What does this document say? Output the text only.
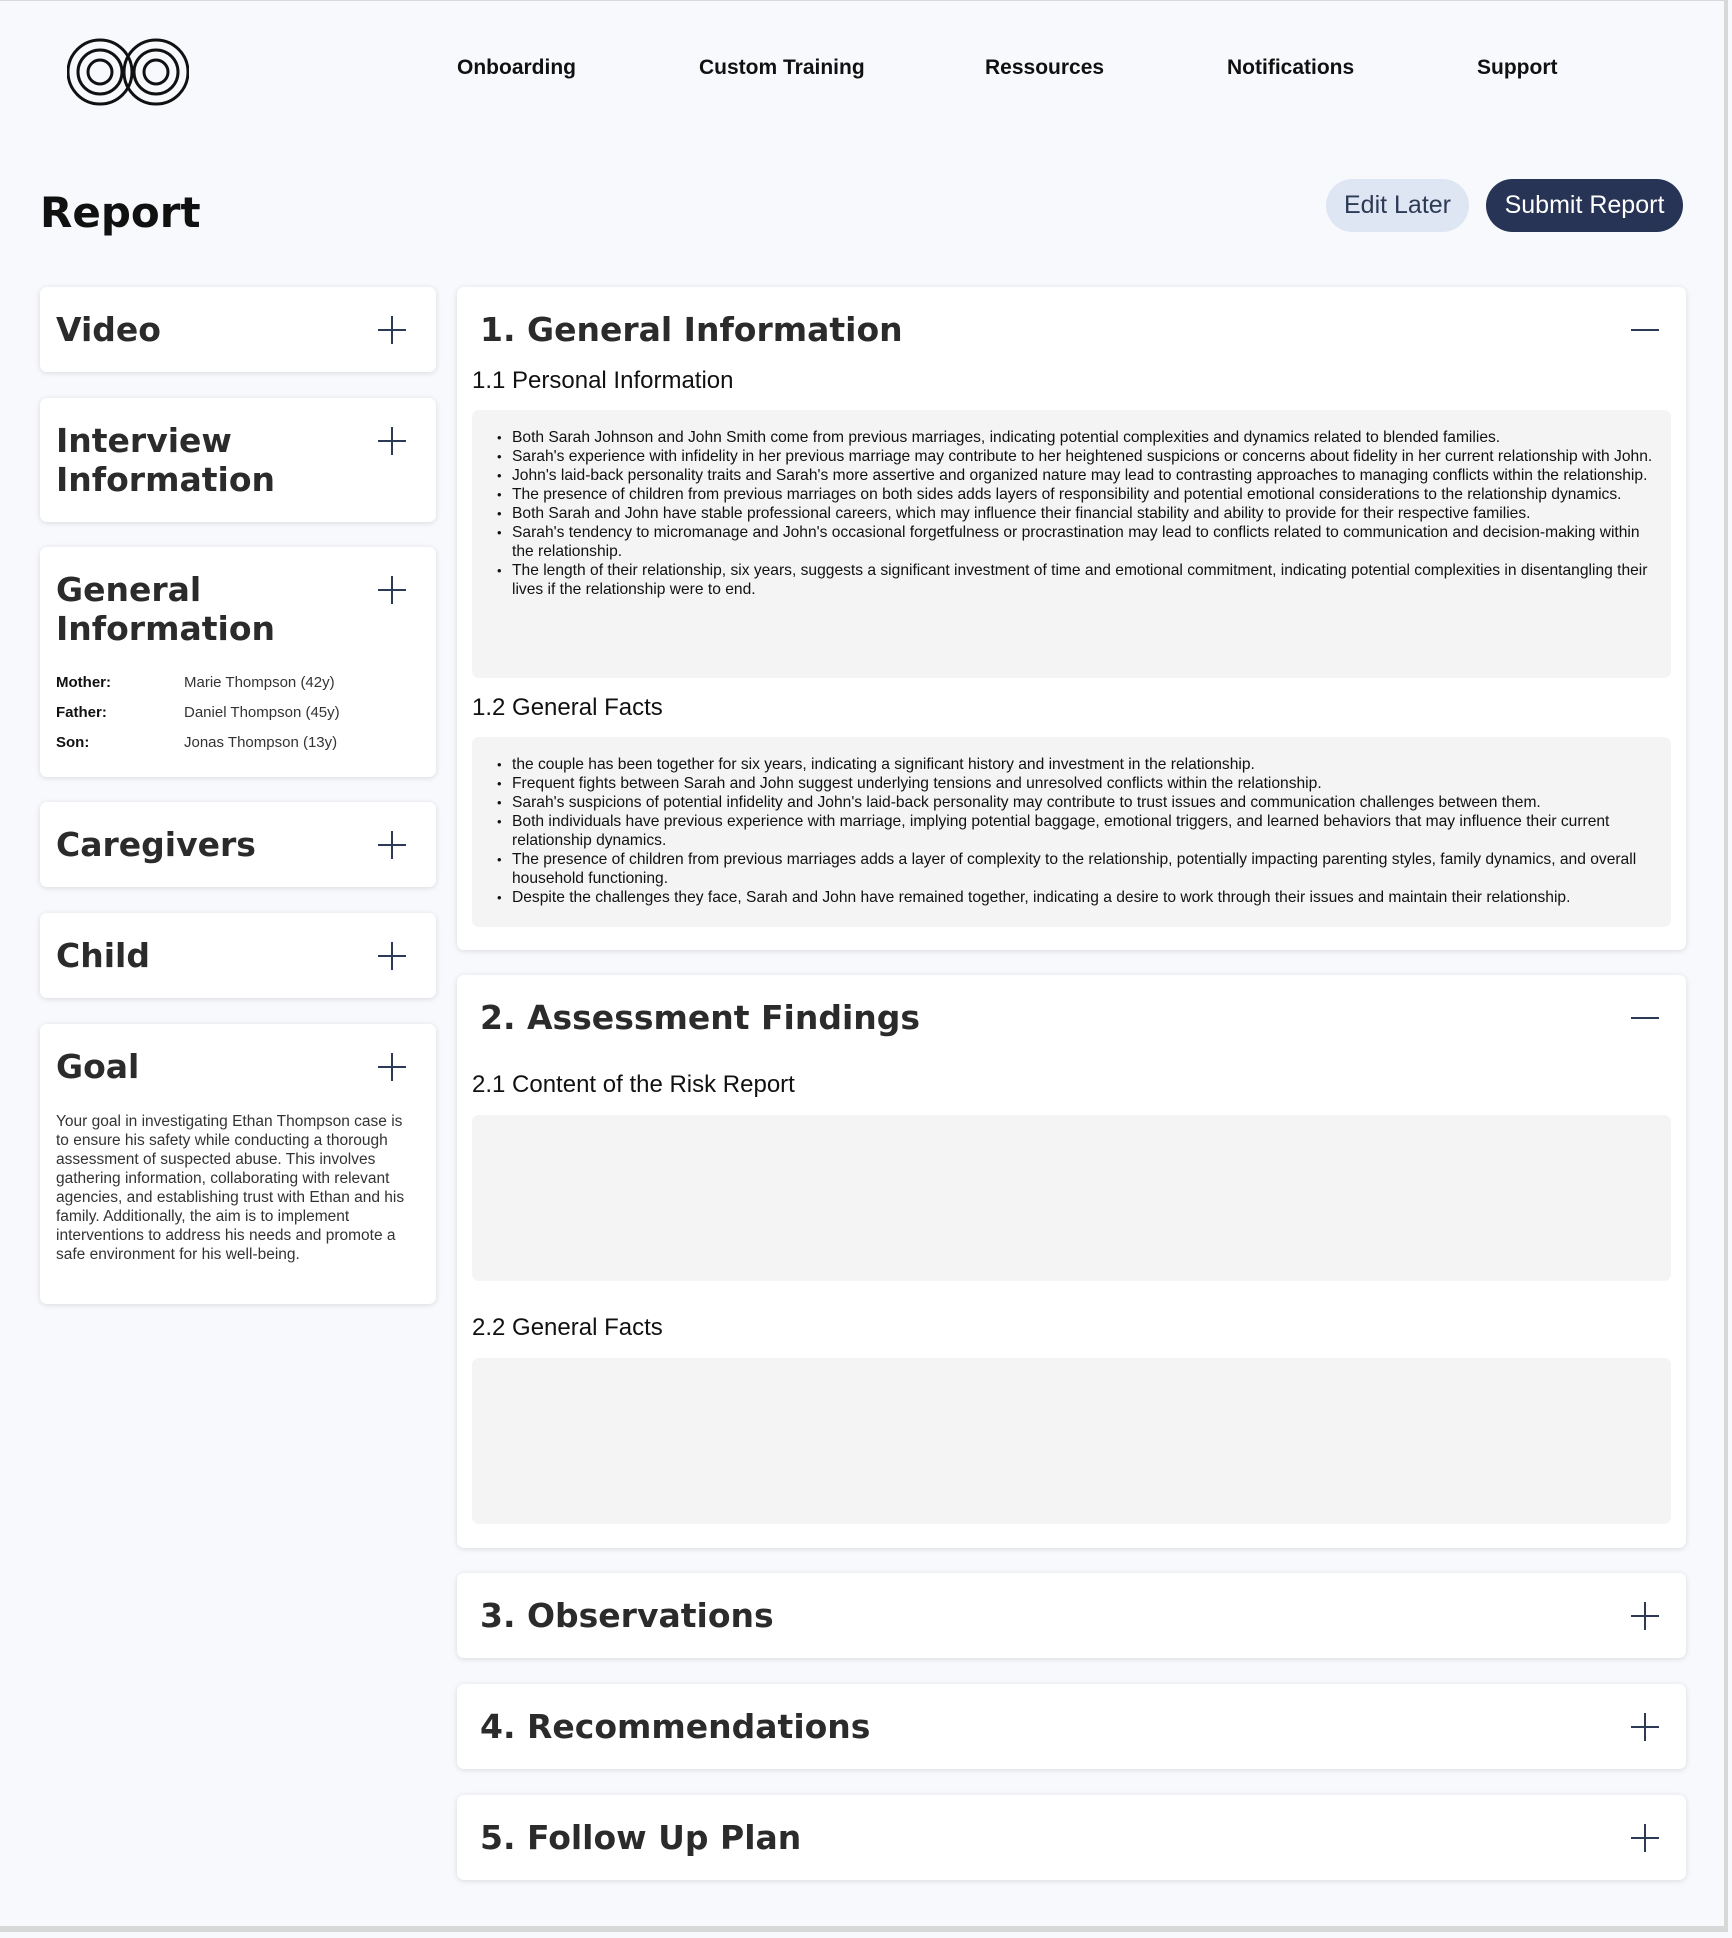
Onboarding	Custom Training	Ressources	Notifications	Support
Report	Edit Later	Submit Report
Video
Interview Information
General Information
Mother:	Marie Thompson (42y)
Father:	Daniel Thompson (45y)
Son:	Jonas Thompson (13y)
Caregivers
Child
Goal
Your goal in investigating Ethan Thompson case is to ensure his safety while conducting a thorough assessment of suspected abuse. This involves gathering information, collaborating with relevant agencies, and establishing trust with Ethan and his family. Additionally, the aim is to implement interventions to address his needs and promote a safe environment for his well-being.
1. General Information
1.1 Personal Information
• Both Sarah Johnson and John Smith come from previous marriages, indicating potential complexities and dynamics related to blended families.
• Sarah's experience with infidelity in her previous marriage may contribute to her heightened suspicions or concerns about fidelity in her current relationship with John.
• John's laid-back personality traits and Sarah's more assertive and organized nature may lead to contrasting approaches to managing conflicts within the relationship.
• The presence of children from previous marriages on both sides adds layers of responsibility and potential emotional considerations to the relationship dynamics.
• Both Sarah and John have stable professional careers, which may influence their financial stability and ability to provide for their respective families.
• Sarah's tendency to micromanage and John's occasional forgetfulness or procrastination may lead to conflicts related to communication and decision-making within the relationship.
• The length of their relationship, six years, suggests a significant investment of time and emotional commitment, indicating potential complexities in disentangling their lives if the relationship were to end.
1.2 General Facts
• the couple has been together for six years, indicating a significant history and investment in the relationship.
• Frequent fights between Sarah and John suggest underlying tensions and unresolved conflicts within the relationship.
• Sarah's suspicions of potential infidelity and John's laid-back personality may contribute to trust issues and communication challenges between them.
• Both individuals have previous experience with marriage, implying potential baggage, emotional triggers, and learned behaviors that may influence their current relationship dynamics.
• The presence of children from previous marriages adds a layer of complexity to the relationship, potentially impacting parenting styles, family dynamics, and overall household functioning.
• Despite the challenges they face, Sarah and John have remained together, indicating a desire to work through their issues and maintain their relationship.
2. Assessment Findings
2.1 Content of the Risk Report
2.2 General Facts
3. Observations
4. Recommendations
5. Follow Up Plan
